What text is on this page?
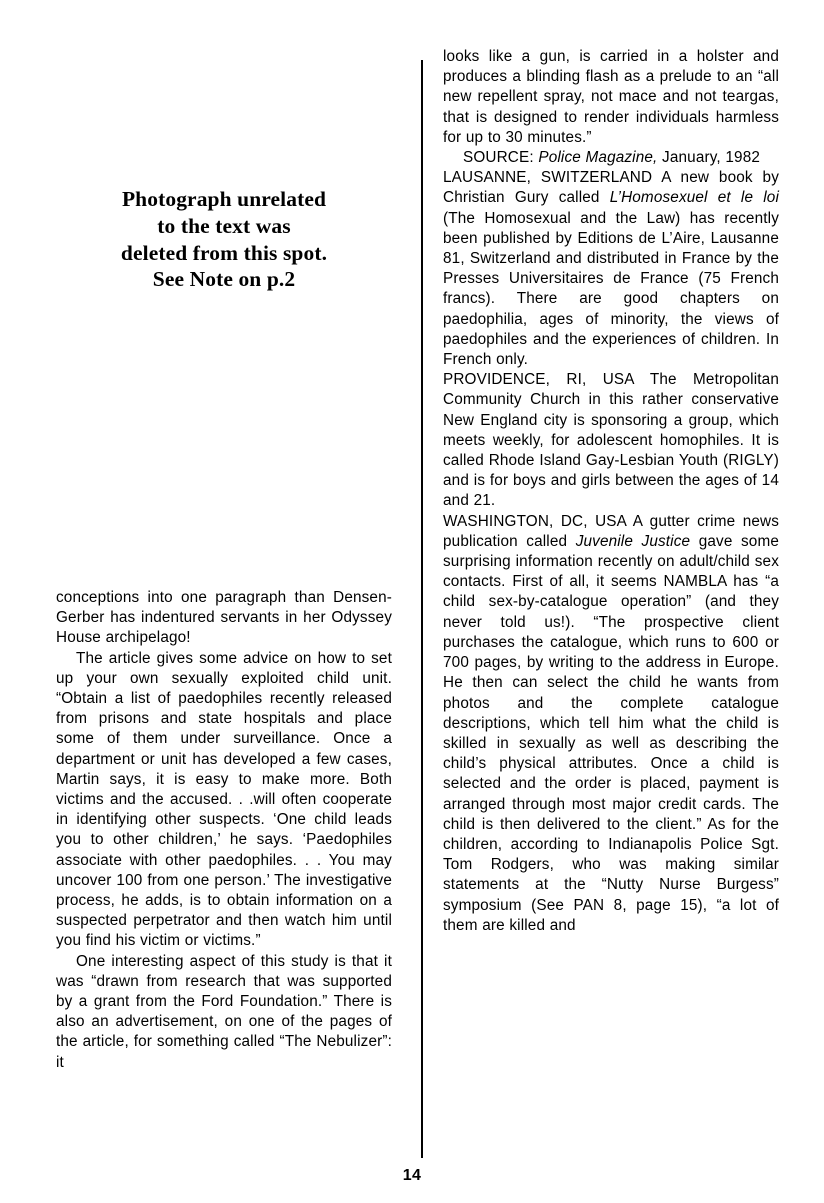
conceptions into one paragraph than Densen-Gerber has indentured servants in her Odyssey House archipelago!

The article gives some advice on how to set up your own sexually exploited child unit. “Obtain a list of paedophiles recently released from prisons and state hospitals and place some of them under surveillance. Once a department or unit has developed a few cases, Martin says, it is easy to make more. Both victims and the accused. . .will often cooperate in identifying other suspects. ‘One child leads you to other children,’ he says. ‘Paedophiles associate with other paedophiles. . . You may uncover 100 from one person.’ The investigative process, he adds, is to obtain information on a suspected perpetrator and then watch him until you find his victim or victims.”

One interesting aspect of this study is that it was “drawn from research that was supported by a grant from the Ford Foundation.” There is also an advertisement, on one of the pages of the article, for something called “The Nebulizer”: it

Photograph unrelated
to the text was
deleted from this spot.
See Note on p.2

looks like a gun, is carried in a holster and produces a blinding flash as a prelude to an “all new repellent spray, not mace and not teargas, that is designed to render individuals harmless for up to 30 minutes.”

SOURCE: Police Magazine, January, 1982

LAUSANNE, SWITZERLAND A new book by Christian Gury called L’Homosexuel et le loi (The Homosexual and the Law) has recently been published by Editions de L’Aire, Lausanne 81, Switzerland and distributed in France by the Presses Universitaires de France (75 French francs). There are good chapters on paedophilia, ages of minority, the views of paedophiles and the experiences of children. In French only.

PROVIDENCE, RI, USA The Metropolitan Community Church in this rather conservative New England city is sponsoring a group, which meets weekly, for adolescent homophiles. It is called Rhode Island Gay-Lesbian Youth (RIGLY) and is for boys and girls between the ages of 14 and 21.

WASHINGTON, DC, USA A gutter crime news publication called Juvenile Justice gave some surprising information recently on adult/child sex contacts. First of all, it seems NAMBLA has “a child sex-by-catalogue operation” (and they never told us!). “The prospective client purchases the catalogue, which runs to 600 or 700 pages, by writing to the address in Europe. He then can select the child he wants from photos and the complete catalogue descriptions, which tell him what the child is skilled in sexually as well as describing the child’s physical attributes. Once a child is selected and the order is placed, payment is arranged through most major credit cards. The child is then delivered to the client.” As for the children, according to Indianapolis Police Sgt. Tom Rodgers, who was making similar statements at the “Nutty Nurse Burgess” symposium (See PAN 8, page 15), “a lot of them are killed and

14
